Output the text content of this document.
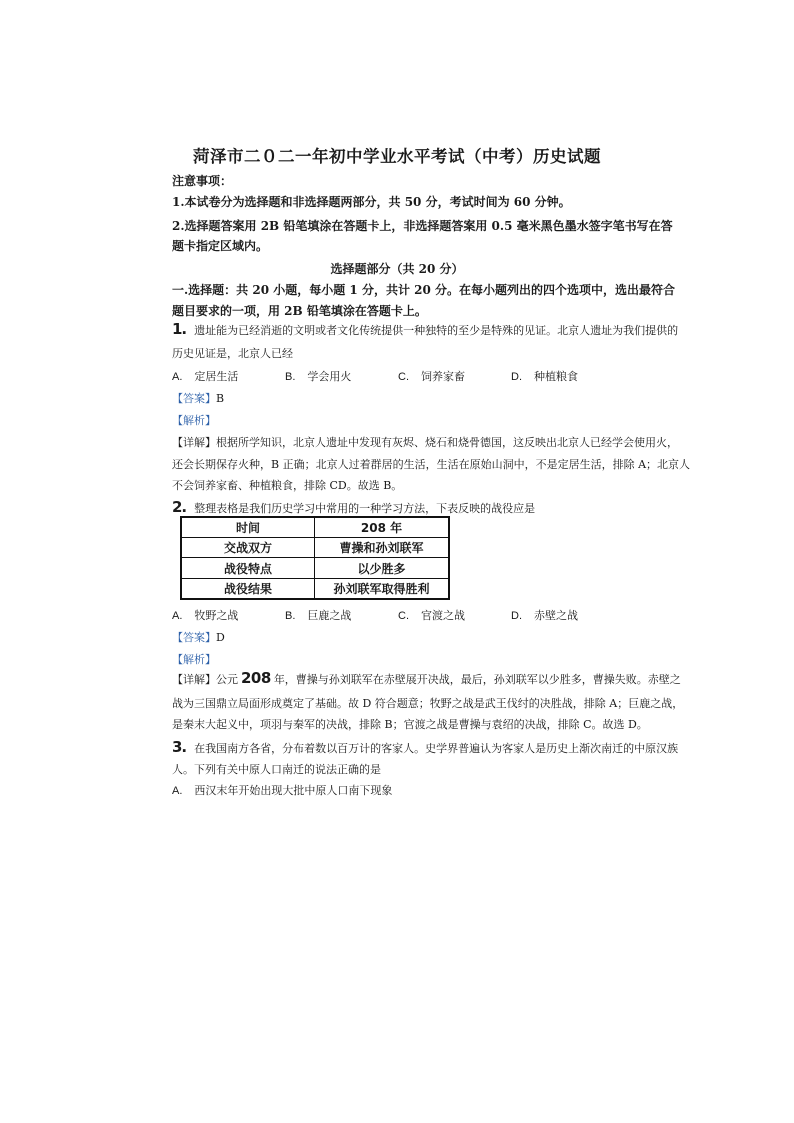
菏泽市二０二一年初中学业水平考试（中考）历史试题
注意事项：
1.本试卷分为选择题和非选择题两部分，共 50 分，考试时间为 60 分钟。
2.选择题答案用 2B 铅笔填涂在答题卡上，非选择题答案用 0.5 毫米黑色墨水签字笔书写在答
题卡指定区域内。
选择题部分（共 20 分）
一.选择题：共 20 小题，每小题 1 分，共计 20 分。在每小题列出的四个选项中，选出最符合
题目要求的一项，用 2B 铅笔填涂在答题卡上。
1. 遗址能为已经消逝的文明或者文化传统提供一种独特的至少是特殊的见证。北京人遗址为我们提供的
历史见证是，北京人已经
A. 定居生活	B. 学会用火	C. 饲养家畜	D. 种植粮食
【答案】B
【解析】
【详解】根据所学知识，北京人遗址中发现有灰烬、烧石和烧骨德国，这反映出北京人已经学会使用火，
还会长期保存火种，B 正确；北京人过着群居的生活，生活在原始山洞中，不是定居生活，排除 A；北京人
不会饲养家畜、种植粮食，排除 CD。故选 B。
2. 整理表格是我们历史学习中常用的一种学习方法，下表反映的战役应是
时间	208 年
交战双方	曹操和孙刘联军
战役特点	以少胜多
战役结果	孙刘联军取得胜利
A. 牧野之战	B. 巨鹿之战	C. 官渡之战	D. 赤壁之战
【答案】D
【解析】
【详解】公元 208 年，曹操与孙刘联军在赤壁展开决战，最后，孙刘联军以少胜多，曹操失败。赤壁之
战为三国鼎立局面形成奠定了基础。故 D 符合题意；牧野之战是武王伐纣的决胜战，排除 A；巨鹿之战，
是秦末大起义中，项羽与秦军的决战，排除 B；官渡之战是曹操与袁绍的决战，排除 C。故选 D。
3. 在我国南方各省，分布着数以百万计的客家人。史学界普遍认为客家人是历史上渐次南迁的中原汉族
人。下列有关中原人口南迁的说法正确的是
A. 西汉末年开始出现大批中原人口南下现象
